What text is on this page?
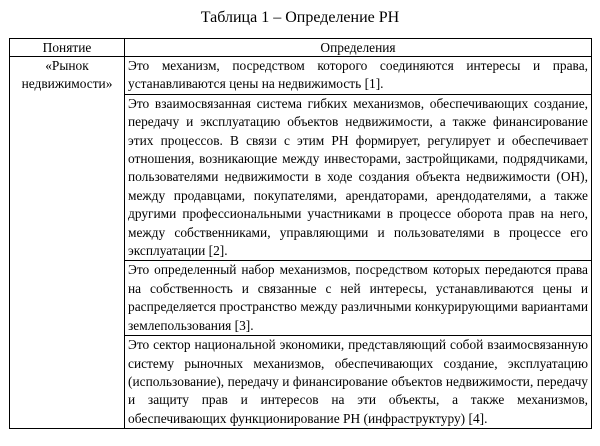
Таблица 1 – Определение РН
Понятие	Определения
«Рынок недвижимости»	Это механизм, посредством которого соединяются интересы и права, устанавливаются цены на недвижимость [1].
	Это взаимосвязанная система гибких механизмов, обеспечивающих создание, передачу и эксплуатацию объектов недвижимости, а также финансирование этих процессов. В связи с этим РН формирует, регулирует и обеспечивает отношения, возникающие между инвесторами, застройщиками, подрядчиками, пользователями недвижимости в ходе создания объекта недвижимости (ОН), между продавцами, покупателями, арендаторами, арендодателями, а также другими профессиональными участниками в процессе оборота прав на него, между собственниками, управляющими и пользователями в процессе его эксплуатации [2].
	Это определенный набор механизмов, посредством которых передаются права на собственность и связанные с ней интересы, устанавливаются цены и распределяется пространство между различными конкурирующими вариантами землепользования [3].
	Это сектор национальной экономики, представляющий собой взаимосвязанную систему рыночных механизмов, обеспечивающих создание, эксплуатацию (использование), передачу и финансирование объектов недвижимости, передачу и защиту прав и интересов на эти объекты, а также механизмов, обеспечивающих функционирование РН (инфраструктуру) [4].
